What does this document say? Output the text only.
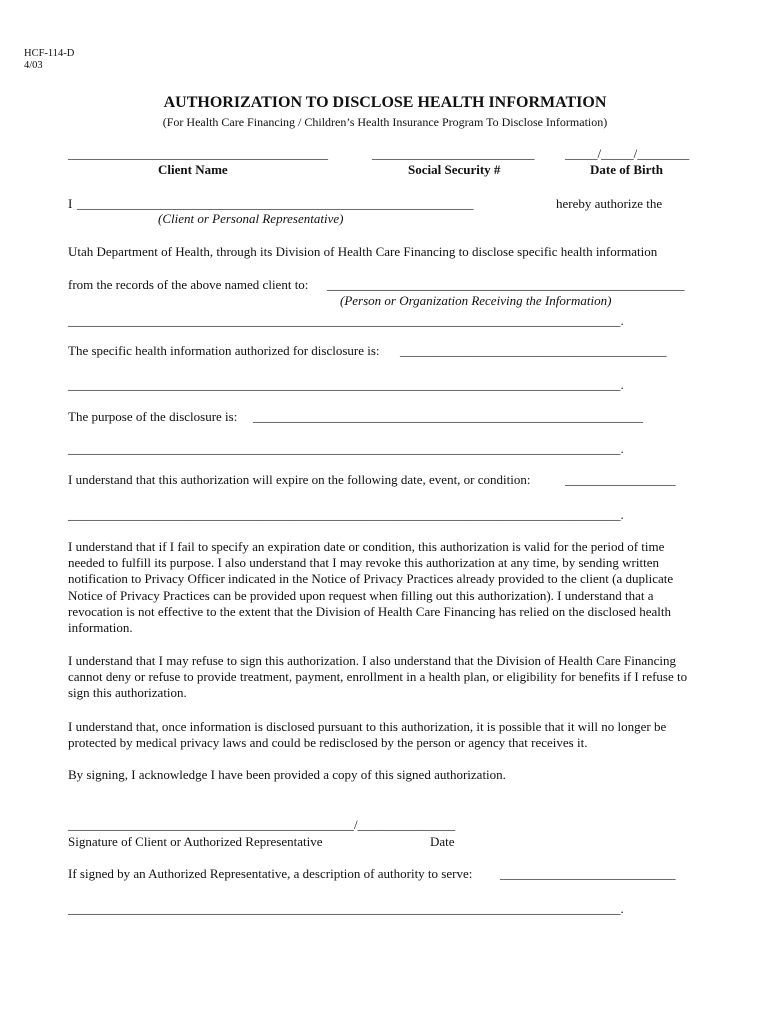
HCF-114-D
4/03
AUTHORIZATION TO DISCLOSE HEALTH INFORMATION
(For Health Care Financing / Children’s Health Insurance Program To Disclose Information)
________________________________________	_________________________ _____/_____/________
Client Name	Social Security #	Date of Birth
I _____________________________________________________________	hereby authorize the
(Client or Personal Representative)
Utah Department of Health, through its Division of Health Care Financing to disclose specific health information
from the records of the above named client to: _______________________________________________________
(Person or Organization Receiving the Information)
_____________________________________________________________________________________.
The specific health information authorized for disclosure is: _________________________________________
_____________________________________________________________________________________.
The purpose of the disclosure is: ____________________________________________________________
_____________________________________________________________________________________.
I understand that this authorization will expire on the following date, event, or condition:	_________________
_____________________________________________________________________________________.

I understand that if I fail to specify an expiration date or condition, this authorization is valid for the period of time needed to fulfill its purpose. I also understand that I may revoke this authorization at any time, by sending written notification to Privacy Officer indicated in the Notice of Privacy Practices already provided to the client (a duplicate Notice of Privacy Practices can be provided upon request when filling out this authorization). I understand that a revocation is not effective to the extent that the Division of Health Care Financing has relied on the disclosed health information.

I understand that I may refuse to sign this authorization. I also understand that the Division of Health Care Financing cannot deny or refuse to provide treatment, payment, enrollment in a health plan, or eligibility for benefits if I refuse to sign this authorization.

I understand that, once information is disclosed pursuant to this authorization, it is possible that it will no longer be protected by medical privacy laws and could be redisclosed by the person or agency that receives it.

By signing, I acknowledge I have been provided a copy of this signed authorization.

____________________________________________/_______________
Signature of Client or Authorized Representative	Date
If signed by an Authorized Representative, a description of authority to serve: ___________________________
_____________________________________________________________________________________.
